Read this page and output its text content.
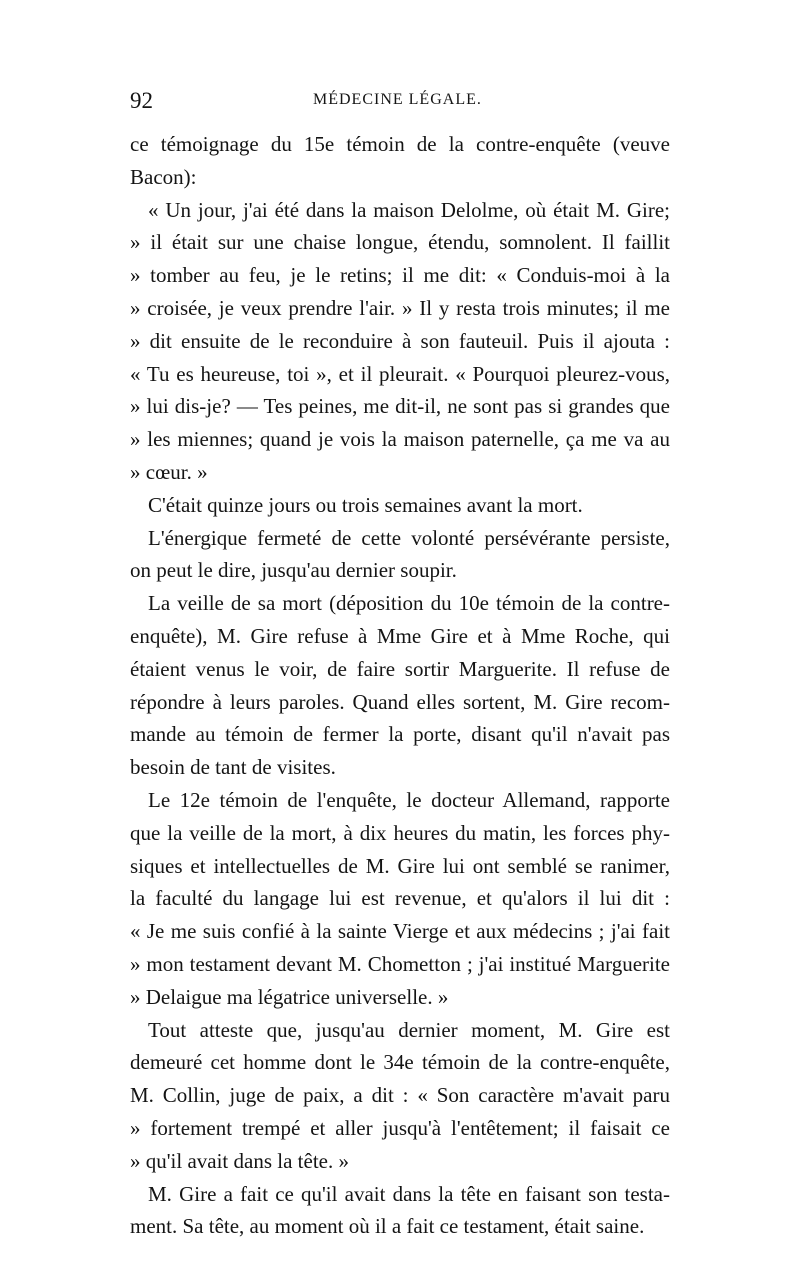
92	MÉDECINE LÉGALE.
ce témoignage du 15e témoin de la contre-enquête (veuve
Bacon):
« Un jour, j'ai été dans la maison Delolme, où était M. Gire;
» il était sur une chaise longue, étendu, somnolent. Il faillit
» tomber au feu, je le retins; il me dit: « Conduis-moi à la
» croisée, je veux prendre l'air. » Il y resta trois minutes; il me
» dit ensuite de le reconduire à son fauteuil. Puis il ajouta :
« Tu es heureuse, toi », et il pleurait. « Pourquoi pleurez-vous,
» lui dis-je? — Tes peines, me dit-il, ne sont pas si grandes que
» les miennes; quand je vois la maison paternelle, ça me va au
» cœur. »
C'était quinze jours ou trois semaines avant la mort.
L'énergique fermeté de cette volonté persévérante persiste,
on peut le dire, jusqu'au dernier soupir.
La veille de sa mort (déposition du 10e témoin de la contre-
enquête), M. Gire refuse à Mme Gire et à Mme Roche, qui
étaient venus le voir, de faire sortir Marguerite. Il refuse de
répondre à leurs paroles. Quand elles sortent, M. Gire recom-
mande au témoin de fermer la porte, disant qu'il n'avait pas
besoin de tant de visites.
Le 12e témoin de l'enquête, le docteur Allemand, rapporte
que la veille de la mort, à dix heures du matin, les forces phy-
siques et intellectuelles de M. Gire lui ont semblé se ranimer,
la faculté du langage lui est revenue, et qu'alors il lui dit :
« Je me suis confié à la sainte Vierge et aux médecins ; j'ai fait
» mon testament devant M. Chometton ; j'ai institué Marguerite
» Delaigue ma légatrice universelle. »
Tout atteste que, jusqu'au dernier moment, M. Gire est
demeuré cet homme dont le 34e témoin de la contre-enquête,
M. Collin, juge de paix, a dit : « Son caractère m'avait paru
» fortement trempé et aller jusqu'à l'entêtement; il faisait ce
» qu'il avait dans la tête. »
M. Gire a fait ce qu'il avait dans la tête en faisant son testa-
ment. Sa tête, au moment où il a fait ce testament, était saine.
